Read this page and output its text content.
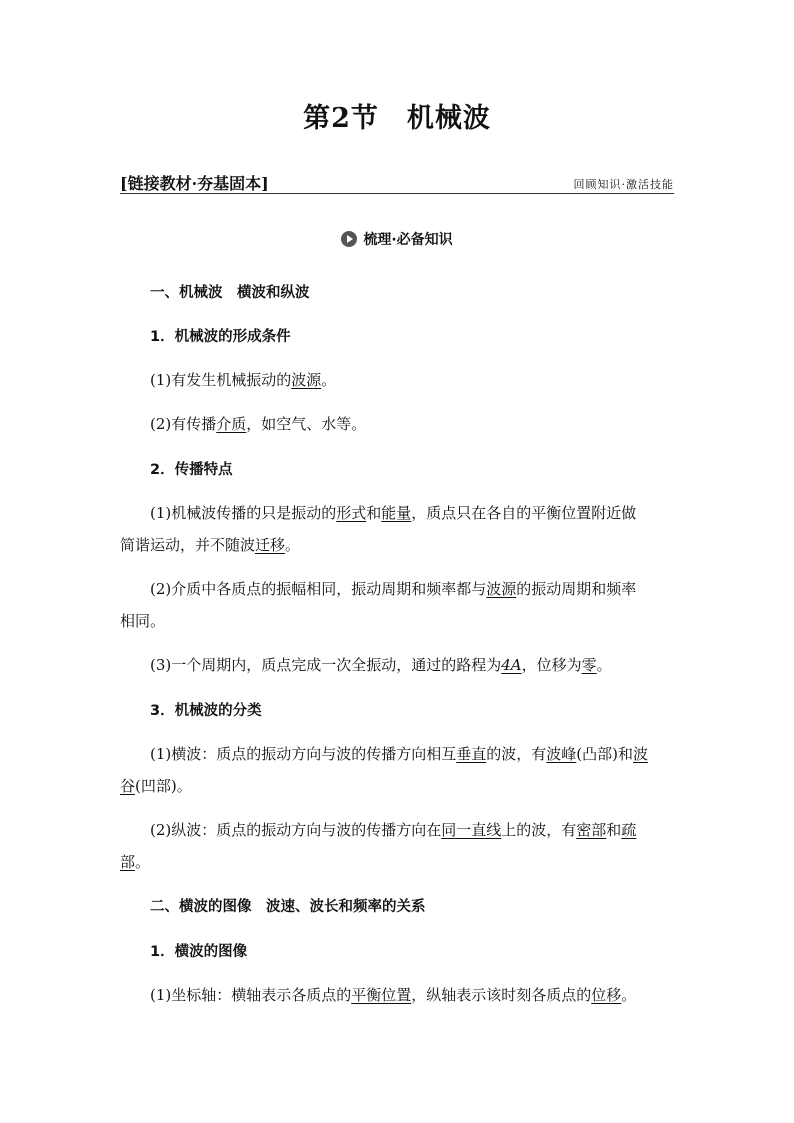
第2节　机械波
[链接教材·夯基固本]	回顾知识·激活技能
梳理·必备知识
一、机械波　横波和纵波
1．机械波的形成条件
(1)有发生机械振动的波源。
(2)有传播介质，如空气、水等。
2．传播特点
(1)机械波传播的只是振动的形式和能量，质点只在各自的平衡位置附近做
简谐运动，并不随波迁移。
(2)介质中各质点的振幅相同，振动周期和频率都与波源的振动周期和频率
相同。
(3)一个周期内，质点完成一次全振动，通过的路程为4A，位移为零。
3．机械波的分类
(1)横波：质点的振动方向与波的传播方向相互垂直的波，有波峰(凸部)和波
谷(凹部)。
(2)纵波：质点的振动方向与波的传播方向在同一直线上的波，有密部和疏
部。
二、横波的图像　波速、波长和频率的关系
1．横波的图像
(1)坐标轴：横轴表示各质点的平衡位置，纵轴表示该时刻各质点的位移。
